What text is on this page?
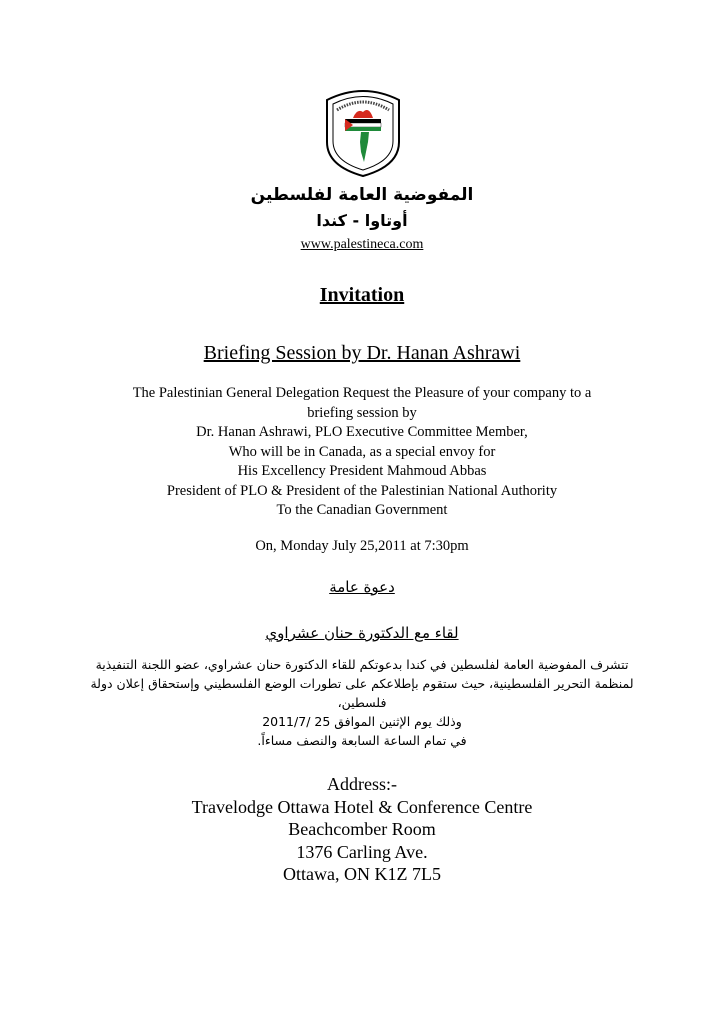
المفوضية العامة لفلسطين
أوتاوا - كندا
www.palestineca.com
Invitation
Briefing Session by Dr. Hanan Ashrawi
The Palestinian General Delegation Request the Pleasure of your company to a
briefing session by
Dr. Hanan Ashrawi, PLO Executive Committee Member,
Who will be in Canada, as a special envoy for
His Excellency President Mahmoud Abbas
President of PLO & President of the Palestinian National Authority
To the Canadian Government
On, Monday July 25,2011 at 7:30pm
دعوة عامة
لقاء مع الدكتورة حنان عشراوي
تتشرف المفوضية العامة لفلسطين في كندا بدعوتكم للقاء الدكتورة حنان عشراوي، عضو اللجنة التنفيذية
لمنظمة التحرير الفلسطينية، حيث ستقوم بإطلاعكم على تطورات الوضع الفلسطيني وإستحقاق إعلان دولة
فلسطين،
وذلك يوم الإثنين الموافق 25 /2011/7
في تمام الساعة السابعة والنصف مساءاً.
Address:-
Travelodge Ottawa Hotel & Conference Centre
Beachcomber Room
1376 Carling Ave.
Ottawa, ON K1Z 7L5
